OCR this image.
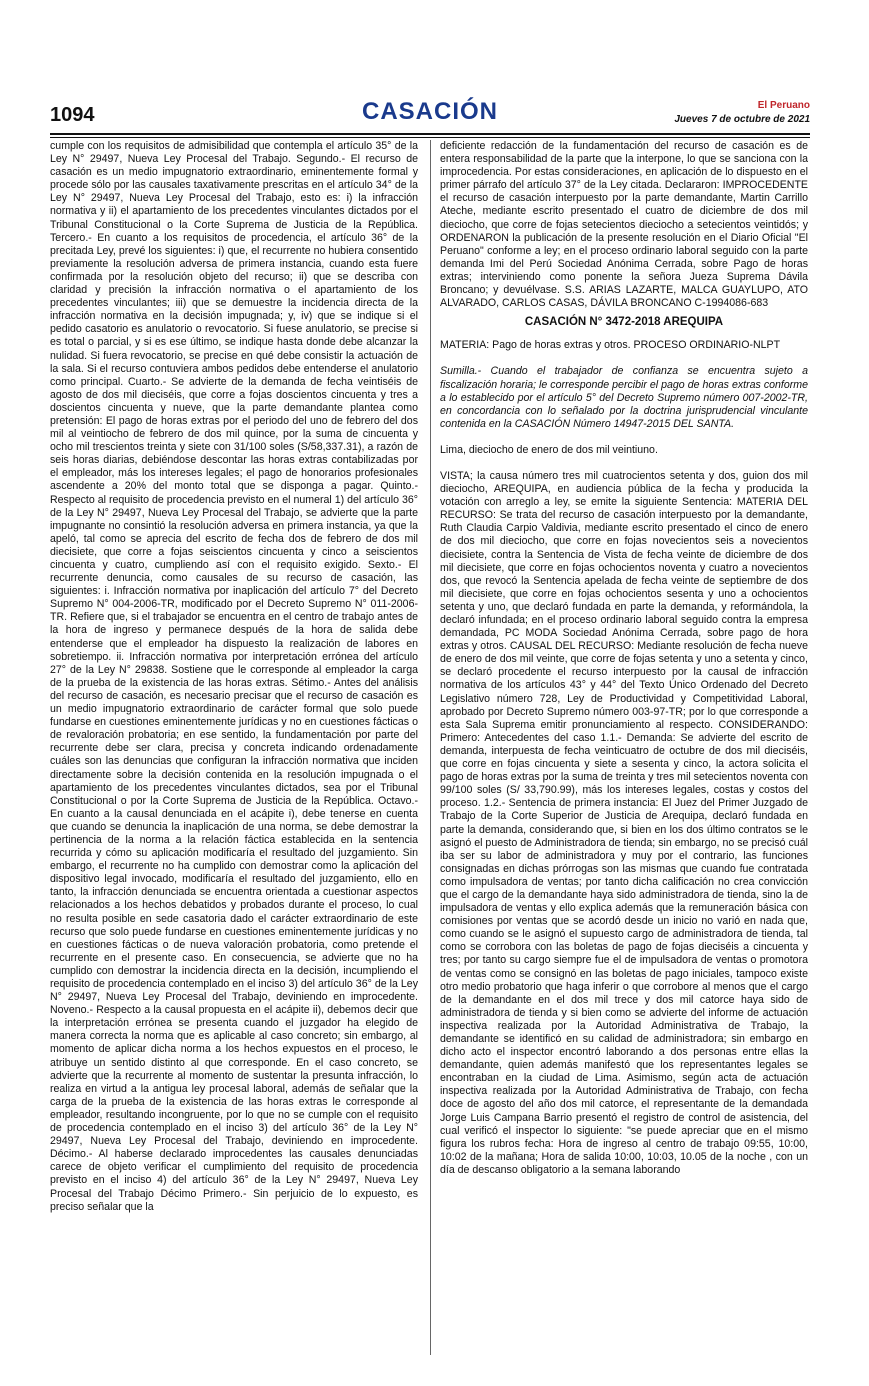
1094	CASACIÓN	El Peruano
Jueves 7 de octubre de 2021

cumple con los requisitos de admisibilidad que contempla el artículo 35° de la Ley N° 29497, Nueva Ley Procesal del Trabajo. Segundo.- El recurso de casación es un medio impugnatorio extraordinario, eminentemente formal y procede sólo por las causales taxativamente prescritas en el artículo 34° de la Ley N° 29497, Nueva Ley Procesal del Trabajo, esto es: i) la infracción normativa y ii) el apartamiento de los precedentes vinculantes dictados por el Tribunal Constitucional o la Corte Suprema de Justicia de la República. Tercero.- En cuanto a los requisitos de procedencia, el artículo 36° de la precitada Ley, prevé los siguientes: i) que, el recurrente no hubiera consentido previamente la resolución adversa de primera instancia, cuando esta fuere confirmada por la resolución objeto del recurso; ii) que se describa con claridad y precisión la infracción normativa o el apartamiento de los precedentes vinculantes; iii) que se demuestre la incidencia directa de la infracción normativa en la decisión impugnada; y, iv) que se indique si el pedido casatorio es anulatorio o revocatorio. Si fuese anulatorio, se precise si es total o parcial, y si es ese último, se indique hasta donde debe alcanzar la nulidad. Si fuera revocatorio, se precise en qué debe consistir la actuación de la sala. Si el recurso contuviera ambos pedidos debe entenderse el anulatorio como principal. Cuarto.- Se advierte de la demanda de fecha veintiséis de agosto de dos mil dieciséis, que corre a fojas doscientos cincuenta y tres a doscientos cincuenta y nueve, que la parte demandante plantea como pretensión: El pago de horas extras por el periodo del uno de febrero del dos mil al veintiocho de febrero de dos mil quince, por la suma de cincuenta y ocho mil trescientos treinta y siete con 31/100 soles (S/58,337.31), a razón de seis horas diarias, debiéndose descontar las horas extras contabilizadas por el empleador, más los intereses legales; el pago de honorarios profesionales ascendente a 20% del monto total que se disponga a pagar. Quinto.- Respecto al requisito de procedencia previsto en el numeral 1) del artículo 36° de la Ley N° 29497, Nueva Ley Procesal del Trabajo, se advierte que la parte impugnante no consintió la resolución adversa en primera instancia, ya que la apeló, tal como se aprecia del escrito de fecha dos de febrero de dos mil diecisiete, que corre a fojas seiscientos cincuenta y cinco a seiscientos cincuenta y cuatro, cumpliendo así con el requisito exigido. Sexto.- El recurrente denuncia, como causales de su recurso de casación, las siguientes: i. Infracción normativa por inaplicación del artículo 7° del Decreto Supremo N° 004-2006-TR, modificado por el Decreto Supremo N° 011-2006-TR. Refiere que, si el trabajador se encuentra en el centro de trabajo antes de la hora de ingreso y permanece después de la hora de salida debe entenderse que el empleador ha dispuesto la realización de labores en sobretiempo. ii. Infracción normativa por interpretación errónea del artículo 27° de la Ley N° 29838. Sostiene que le corresponde al empleador la carga de la prueba de la existencia de las horas extras. Sétimo.- Antes del análisis del recurso de casación, es necesario precisar que el recurso de casación es un medio impugnatorio extraordinario de carácter formal que solo puede fundarse en cuestiones eminentemente jurídicas y no en cuestiones fácticas o de revaloración probatoria; en ese sentido, la fundamentación por parte del recurrente debe ser clara, precisa y concreta indicando ordenadamente cuáles son las denuncias que configuran la infracción normativa que inciden directamente sobre la decisión contenida en la resolución impugnada o el apartamiento de los precedentes vinculantes dictados, sea por el Tribunal Constitucional o por la Corte Suprema de Justicia de la República. Octavo.- En cuanto a la causal denunciada en el acápite i), debe tenerse en cuenta que cuando se denuncia la inaplicación de una norma, se debe demostrar la pertinencia de la norma a la relación fáctica establecida en la sentencia recurrida y cómo su aplicación modificaría el resultado del juzgamiento. Sin embargo, el recurrente no ha cumplido con demostrar como la aplicación del dispositivo legal invocado, modificaría el resultado del juzgamiento, ello en tanto, la infracción denunciada se encuentra orientada a cuestionar aspectos relacionados a los hechos debatidos y probados durante el proceso, lo cual no resulta posible en sede casatoria dado el carácter extraordinario de este recurso que solo puede fundarse en cuestiones eminentemente jurídicas y no en cuestiones fácticas o de nueva valoración probatoria, como pretende el recurrente en el presente caso. En consecuencia, se advierte que no ha cumplido con demostrar la incidencia directa en la decisión, incumpliendo el requisito de procedencia contemplado en el inciso 3) del artículo 36° de la Ley N° 29497, Nueva Ley Procesal del Trabajo, deviniendo en improcedente. Noveno.- Respecto a la causal propuesta en el acápite ii), debemos decir que la interpretación errónea se presenta cuando el juzgador ha elegido de manera correcta la norma que es aplicable al caso concreto; sin embargo, al momento de aplicar dicha norma a los hechos expuestos en el proceso, le atribuye un sentido distinto al que corresponde. En el caso concreto, se advierte que la recurrente al momento de sustentar la presunta infracción, lo realiza en virtud a la antigua ley procesal laboral, además de señalar que la carga de la prueba de la existencia de las horas extras le corresponde al empleador, resultando incongruente, por lo que no se cumple con el requisito de procedencia contemplado en el inciso 3) del artículo 36° de la Ley N° 29497, Nueva Ley Procesal del Trabajo, deviniendo en improcedente. Décimo.- Al haberse declarado improcedentes las causales denunciadas carece de objeto verificar el cumplimiento del requisito de procedencia previsto en el inciso 4) del artículo 36° de la Ley N° 29497, Nueva Ley Procesal del Trabajo Décimo Primero.- Sin perjuicio de lo expuesto, es preciso señalar que la

deficiente redacción de la fundamentación del recurso de casación es de entera responsabilidad de la parte que la interpone, lo que se sanciona con la improcedencia. Por estas consideraciones, en aplicación de lo dispuesto en el primer párrafo del artículo 37° de la Ley citada. Declararon: IMPROCEDENTE el recurso de casación interpuesto por la parte demandante, Martin Carrillo Ateche, mediante escrito presentado el cuatro de diciembre de dos mil dieciocho, que corre de fojas setecientos dieciocho a setecientos veintidós; y ORDENARON la publicación de la presente resolución en el Diario Oficial "El Peruano" conforme a ley; en el proceso ordinario laboral seguido con la parte demanda Imi del Perú Sociedad Anónima Cerrada, sobre Pago de horas extras; interviniendo como ponente la señora Jueza Suprema Dávila Broncano; y devuélvase. S.S. ARIAS LAZARTE, MALCA GUAYLUPO, ATO ALVARADO, CARLOS CASAS, DÁVILA BRONCANO C-1994086-683

CASACIÓN N° 3472-2018 AREQUIPA

MATERIA: Pago de horas extras y otros. PROCESO ORDINARIO-NLPT

Sumilla.- Cuando el trabajador de confianza se encuentra sujeto a fiscalización horaria; le corresponde percibir el pago de horas extras conforme a lo establecido por el artículo 5° del Decreto Supremo número 007-2002-TR, en concordancia con lo señalado por la doctrina jurisprudencial vinculante contenida en la CASACIÓN Número 14947-2015 DEL SANTA.

Lima, dieciocho de enero de dos mil veintiuno.

VISTA; la causa número tres mil cuatrocientos setenta y dos, guion dos mil dieciocho, AREQUIPA, en audiencia pública de la fecha y producida la votación con arreglo a ley, se emite la siguiente Sentencia: MATERIA DEL RECURSO: Se trata del recurso de casación interpuesto por la demandante, Ruth Claudia Carpio Valdivia, mediante escrito presentado el cinco de enero de dos mil dieciocho, que corre en fojas novecientos seis a novecientos diecisiete, contra la Sentencia de Vista de fecha veinte de diciembre de dos mil diecisiete, que corre en fojas ochocientos noventa y cuatro a novecientos dos, que revocó la Sentencia apelada de fecha veinte de septiembre de dos mil diecisiete, que corre en fojas ochocientos sesenta y uno a ochocientos setenta y uno, que declaró fundada en parte la demanda, y reformándola, la declaró infundada; en el proceso ordinario laboral seguido contra la empresa demandada, PC MODA Sociedad Anónima Cerrada, sobre pago de hora extras y otros. CAUSAL DEL RECURSO: Mediante resolución de fecha nueve de enero de dos mil veinte, que corre de fojas setenta y uno a setenta y cinco, se declaró procedente el recurso interpuesto por la causal de infracción normativa de los artículos 43° y 44° del Texto Único Ordenado del Decreto Legislativo número 728, Ley de Productividad y Competitividad Laboral, aprobado por Decreto Supremo número 003-97-TR; por lo que corresponde a esta Sala Suprema emitir pronunciamiento al respecto. CONSIDERANDO: Primero: Antecedentes del caso 1.1.- Demanda: Se advierte del escrito de demanda, interpuesta de fecha veinticuatro de octubre de dos mil dieciséis, que corre en fojas cincuenta y siete a sesenta y cinco, la actora solicita el pago de horas extras por la suma de treinta y tres mil setecientos noventa con 99/100 soles (S/ 33,790.99), más los intereses legales, costas y costos del proceso. 1.2.- Sentencia de primera instancia: El Juez del Primer Juzgado de Trabajo de la Corte Superior de Justicia de Arequipa, declaró fundada en parte la demanda, considerando que, si bien en los dos último contratos se le asignó el puesto de Administradora de tienda; sin embargo, no se precisó cuál iba ser su labor de administradora y muy por el contrario, las funciones consignadas en dichas prórrogas son las mismas que cuando fue contratada como impulsadora de ventas; por tanto dicha calificación no crea convicción que el cargo de la demandante haya sido administradora de tienda, sino la de impulsadora de ventas y ello explica además que la remuneración básica con comisiones por ventas que se acordó desde un inicio no varió en nada que, como cuando se le asignó el supuesto cargo de administradora de tienda, tal como se corrobora con las boletas de pago de fojas dieciséis a cincuenta y tres; por tanto su cargo siempre fue el de impulsadora de ventas o promotora de ventas como se consignó en las boletas de pago iniciales, tampoco existe otro medio probatorio que haga inferir o que corrobore al menos que el cargo de la demandante en el dos mil trece y dos mil catorce haya sido de administradora de tienda y si bien como se advierte del informe de actuación inspectiva realizada por la Autoridad Administrativa de Trabajo, la demandante se identificó en su calidad de administradora; sin embargo en dicho acto el inspector encontró laborando a dos personas entre ellas la demandante, quien además manifestó que los representantes legales se encontraban en la ciudad de Lima. Asimismo, según acta de actuación inspectiva realizada por la Autoridad Administrativa de Trabajo, con fecha doce de agosto del año dos mil catorce, el representante de la demandada Jorge Luis Campana Barrio presentó el registro de control de asistencia, del cual verificó el inspector lo siguiente: "se puede apreciar que en el mismo figura los rubros fecha: Hora de ingreso al centro de trabajo 09:55, 10:00, 10:02 de la mañana; Hora de salida 10:00, 10:03, 10.05 de la noche , con un día de descanso obligatorio a la semana laborando
